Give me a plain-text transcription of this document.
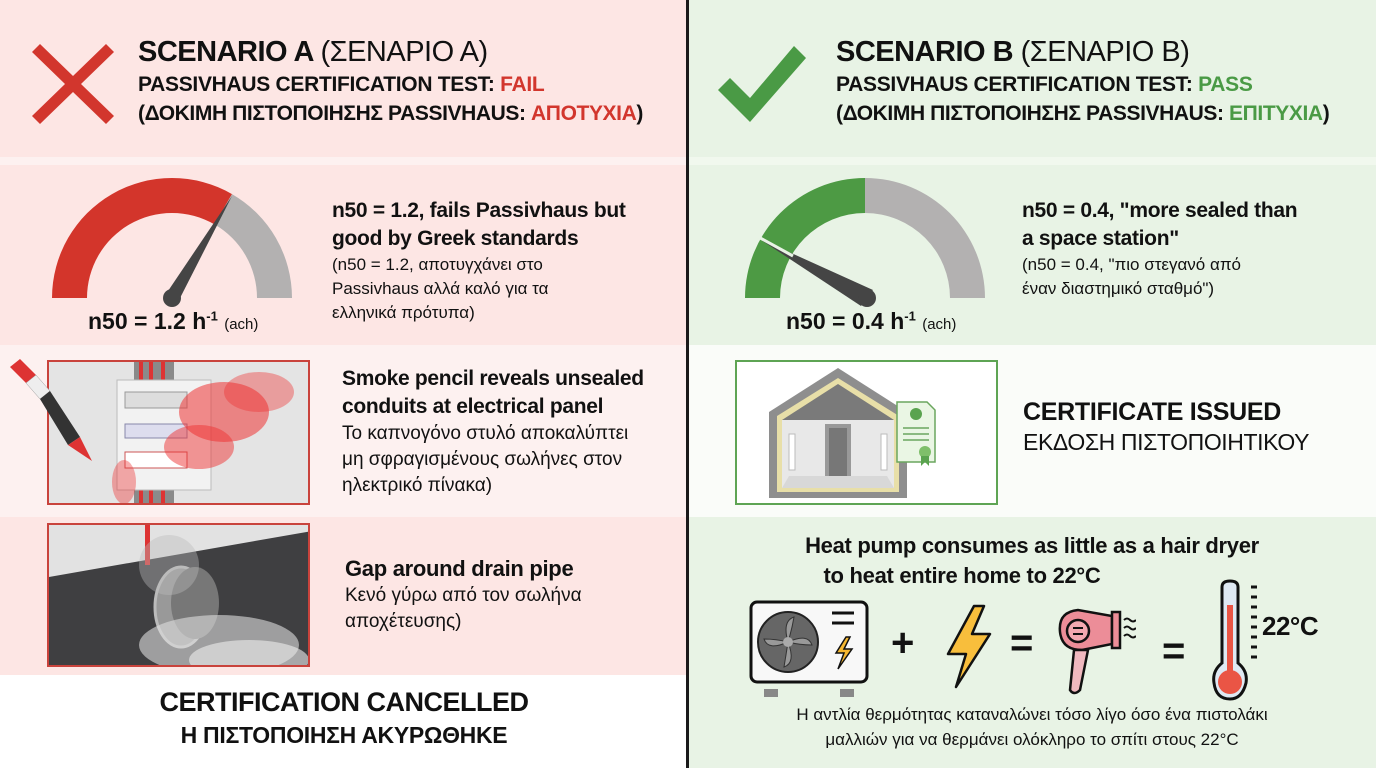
SCENARIO A (ΣΕΝΑΡΙΟ Α)
PASSIVHAUS CERTIFICATION TEST: FAIL
(ΔΟΚΙΜΗ ΠΙΣΤΟΠΟΙΗΣΗΣ PASSIVHAUS: ΑΠΟΤΥΧΙΑ)
n50 = 1.2 $h^{-1}$ (ach)
n50 = 1.2, fails Passivhaus but
good by Greek standards
(n50 = 1.2, αποτυγχάνει στο
Passivhaus αλλά καλό για τα
ελληνικά πρότυπα)
Smoke pencil reveals unsealed
conduits at electrical panel
Το καπνογόνο στυλό αποκαλύπτει
μη σφραγισμένους σωλήνες στον
ηλεκτρικό πίνακα)
Gap around drain pipe
Κενό γύρω από τον σωλήνα
αποχέτευσης)
CERTIFICATION CANCELLED
Η ΠΙΣΤΟΠΟΙΗΣΗ ΑΚΥΡΩΘΗΚΕ
SCENARIO B (ΣΕΝΑΡΙΟ Β)
PASSIVHAUS CERTIFICATION TEST: PASS
(ΔΟΚΙΜΗ ΠΙΣΤΟΠΟΙΗΣΗΣ PASSIVHAUS: ΕΠΙΤΥΧΙΑ)
n50 = 0.4 $h^{-1}$ (ach)
n50 = 0.4, "more sealed than
a space station"
(n50 = 0.4, "πιο στεγανό από
έναν διαστημικό σταθμό")
CERTIFICATE ISSUED
ΕΚΔΟΣΗ ΠΙΣΤΟΠΟΙΗΤΙΚΟΥ
Heat pump consumes as little as a hair dryer
to heat entire home to 22°C
+ =	=
22°C
Η αντλία θερμότητας καταναλώνει τόσο λίγο όσο ένα πιστολάκι
μαλλιών για να θερμάνει ολόκληρο το σπίτι στους 22°C
